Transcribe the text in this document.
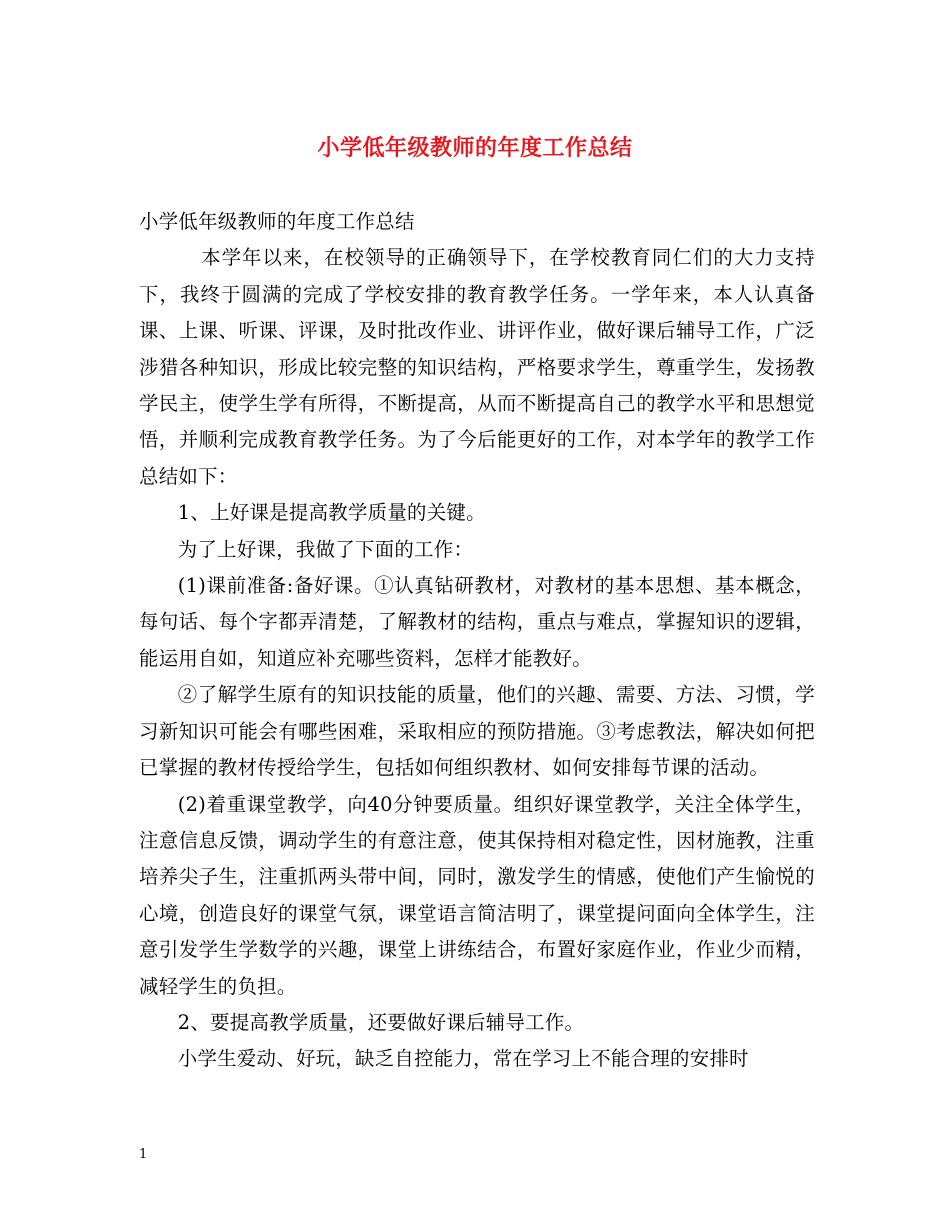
小学低年级教师的年度工作总结

小学低年级教师的年度工作总结

本学年以来，在校领导的正确领导下，在学校教育同仁们的大力支持下，我终于圆满的完成了学校安排的教育教学任务。一学年来，本人认真备课、上课、听课、评课，及时批改作业、讲评作业，做好课后辅导工作，广泛涉猎各种知识，形成比较完整的知识结构，严格要求学生，尊重学生，发扬教学民主，使学生学有所得，不断提高，从而不断提高自己的教学水平和思想觉悟，并顺利完成教育教学任务。为了今后能更好的工作，对本学年的教学工作总结如下：

1、上好课是提高教学质量的关键。

为了上好课，我做了下面的工作：

(1)课前准备:备好课。①认真钻研教材，对教材的基本思想、基本概念，每句话、每个字都弄清楚，了解教材的结构，重点与难点，掌握知识的逻辑，能运用自如，知道应补充哪些资料，怎样才能教好。

②了解学生原有的知识技能的质量，他们的兴趣、需要、方法、习惯，学习新知识可能会有哪些困难，采取相应的预防措施。③考虑教法，解决如何把已掌握的教材传授给学生，包括如何组织教材、如何安排每节课的活动。

(2)着重课堂教学，向40分钟要质量。组织好课堂教学，关注全体学生，注意信息反馈，调动学生的有意注意，使其保持相对稳定性，因材施教，注重培养尖子生，注重抓两头带中间，同时，激发学生的情感，使他们产生愉悦的心境，创造良好的课堂气氛，课堂语言简洁明了，课堂提问面向全体学生，注意引发学生学数学的兴趣，课堂上讲练结合，布置好家庭作业，作业少而精，减轻学生的负担。

2、要提高教学质量，还要做好课后辅导工作。

小学生爱动、好玩，缺乏自控能力，常在学习上不能合理的安排时

1
